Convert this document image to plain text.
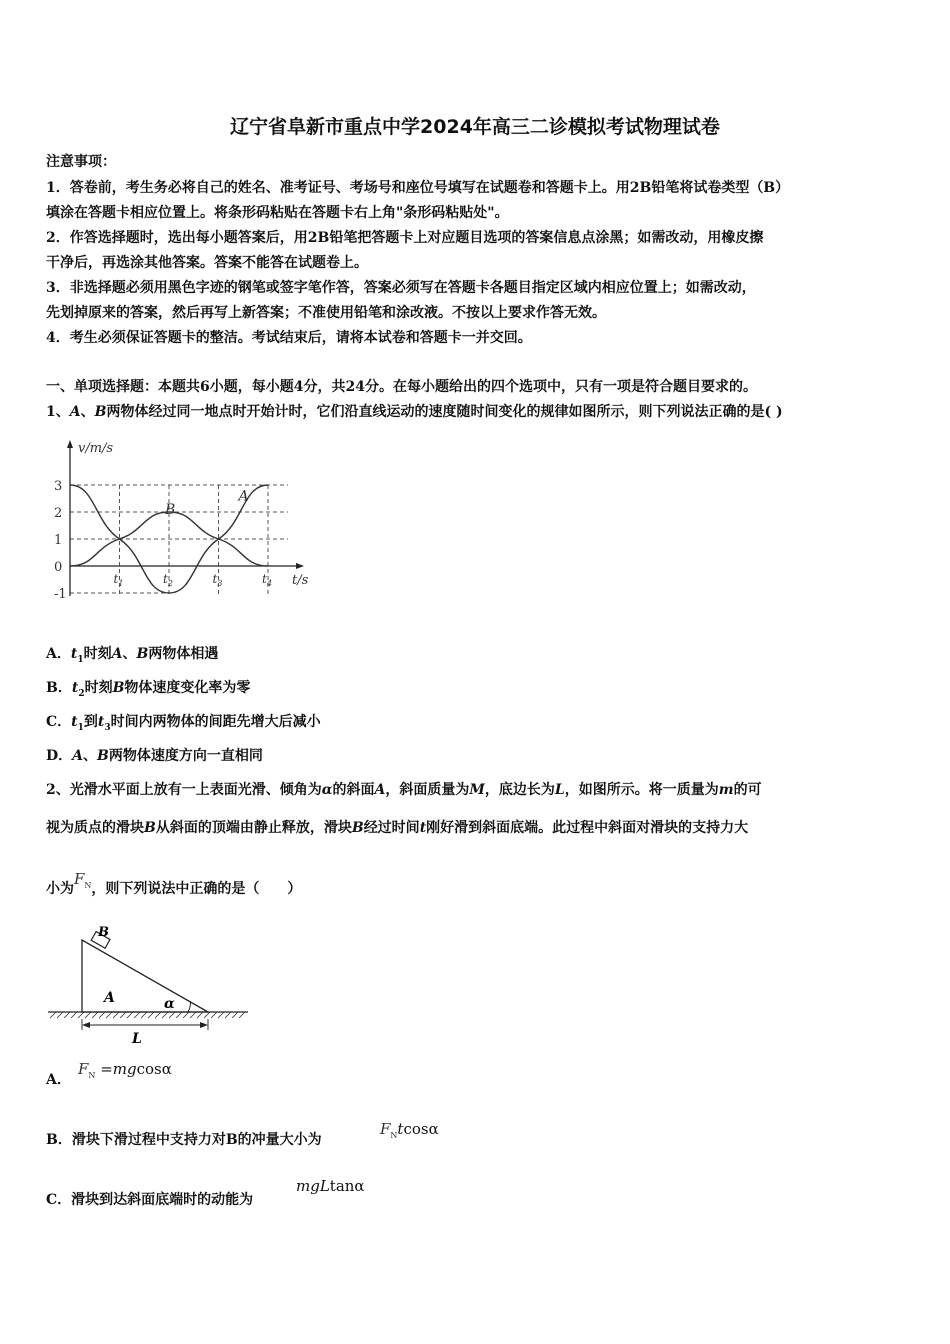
辽宁省阜新市重点中学2024年高三二诊模拟考试物理试卷
注意事项：
1．答卷前，考生务必将自己的姓名、准考证号、考场号和座位号填写在试题卷和答题卡上。用2B铅笔将试卷类型（B）
填涂在答题卡相应位置上。将条形码粘贴在答题卡右上角"条形码粘贴处"。
2．作答选择题时，选出每小题答案后，用2B铅笔把答题卡上对应题目选项的答案信息点涂黑；如需改动，用橡皮擦
干净后，再选涂其他答案。答案不能答在试题卷上。
3．非选择题必须用黑色字迹的钢笔或签字笔作答，答案必须写在答题卡各题目指定区域内相应位置上；如需改动，
先划掉原来的答案，然后再写上新答案；不准使用铅笔和涂改液。不按以上要求作答无效。
4．考生必须保证答题卡的整洁。考试结束后，请将本试卷和答题卡一并交回。
一、单项选择题：本题共6小题，每小题4分，共24分。在每小题给出的四个选项中，只有一项是符合题目要求的。
1、A、B两物体经过同一地点时开始计时，它们沿直线运动的速度随时间变化的规律如图所示，则下列说法正确的是( )
v/m/s
t/s
3
2
1
0
-1
$t_1$	$t_2$	$t_3$	$t_4$
B
A
A．$t_1$时刻A、B两物体相遇
B．$t_2$时刻B物体速度变化率为零
C．$t_1$到$t_3$时间内两物体的间距先增大后减小
D．A、B两物体速度方向一直相同
2、光滑水平面上放有一上表面光滑、倾角为α的斜面A，斜面质量为M，底边长为L，如图所示。将一质量为m的可
视为质点的滑块B从斜面的顶端由静止释放，滑块B经过时间t刚好滑到斜面底端。此过程中斜面对滑块的支持力大
小为$F_N$，则下列说法中正确的是（　　）
B
A	α
L
A．
$F_N =mgcos\alpha$
B．滑块下滑过程中支持力对B的冲量大小为
$F_Ntcos\alpha$
C．滑块到达斜面底端时的动能为
mgLtanα
